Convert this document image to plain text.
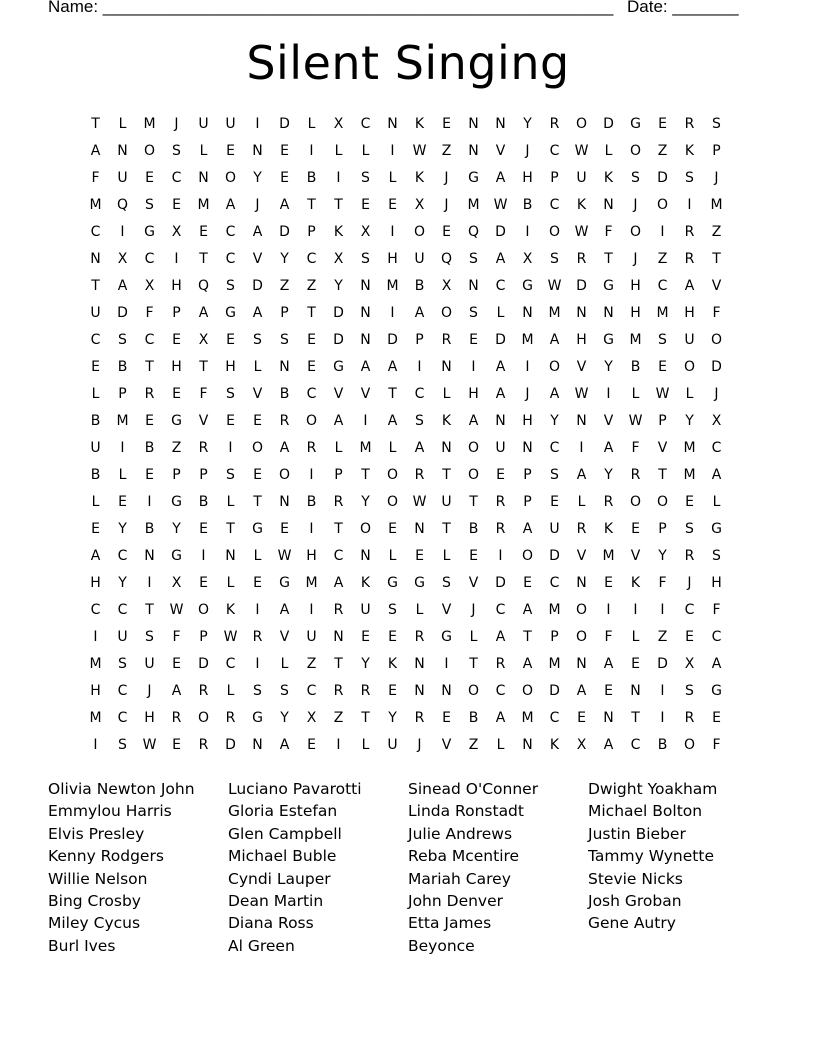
Name: ______________________________________________________ Date: _______
Silent Singing
T	L	M	J	U	U	I	D	L	X	C	N	K	E	N	N	Y	R	O	D	G	E	R	S
A	N	O	S	L	E	N	E	I	L	L	I	W	Z	N	V	J	C	W	L	O	Z	K	P
F	U	E	C	N	O	Y	E	B	I	S	L	K	J	G	A	H	P	U	K	S	D	S	J
M	Q	S	E	M	A	J	A	T	T	E	E	X	J	M	W	B	C	K	N	J	O	I	M
C	I	G	X	E	C	A	D	P	K	X	I	O	E	Q	D	I	O	W	F	O	I	R	Z
N	X	C	I	T	C	V	Y	C	X	S	H	U	Q	S	A	X	S	R	T	J	Z	R	T
T	A	X	H	Q	S	D	Z	Z	Y	N	M	B	X	N	C	G	W	D	G	H	C	A	V
U	D	F	P	A	G	A	P	T	D	N	I	A	O	S	L	N	M	N	N	H	M	H	F
C	S	C	E	X	E	S	S	E	D	N	D	P	R	E	D	M	A	H	G	M	S	U	O
E	B	T	H	T	H	L	N	E	G	A	A	I	N	I	A	I	O	V	Y	B	E	O	D
L	P	R	E	F	S	V	B	C	V	V	T	C	L	H	A	J	A	W	I	L	W	L	J
B	M	E	G	V	E	E	R	O	A	I	A	S	K	A	N	H	Y	N	V	W	P	Y	X
U	I	B	Z	R	I	O	A	R	L	M	L	A	N	O	U	N	C	I	A	F	V	M	C
B	L	E	P	P	S	E	O	I	P	T	O	R	T	O	E	P	S	A	Y	R	T	M	A
L	E	I	G	B	L	T	N	B	R	Y	O	W	U	T	R	P	E	L	R	O	O	E	L
E	Y	B	Y	E	T	G	E	I	T	O	E	N	T	B	R	A	U	R	K	E	P	S	G
A	C	N	G	I	N	L	W	H	C	N	L	E	L	E	I	O	D	V	M	V	Y	R	S
H	Y	I	X	E	L	E	G	M	A	K	G	G	S	V	D	E	C	N	E	K	F	J	H
C	C	T	W	O	K	I	A	I	R	U	S	L	V	J	C	A	M	O	I	I	I	C	F
I	U	S	F	P	W	R	V	U	N	E	E	R	G	L	A	T	P	O	F	L	Z	E	C
M	S	U	E	D	C	I	L	Z	T	Y	K	N	I	T	R	A	M	N	A	E	D	X	A
H	C	J	A	R	L	S	S	C	R	R	E	N	N	O	C	O	D	A	E	N	I	S	G
M	C	H	R	O	R	G	Y	X	Z	T	Y	R	E	B	A	M	C	E	N	T	I	R	E
I	S	W	E	R	D	N	A	E	I	L	U	J	V	Z	L	N	K	X	A	C	B	O	F
Olivia Newton John
Emmylou Harris
Elvis Presley
Kenny Rodgers
Willie Nelson
Bing Crosby
Miley Cycus
Burl Ives
Luciano Pavarotti
Gloria Estefan
Glen Campbell
Michael Buble
Cyndi Lauper
Dean Martin
Diana Ross
Al Green
Sinead O'Conner
Linda Ronstadt
Julie Andrews
Reba Mcentire
Mariah Carey
John Denver
Etta James
Beyonce
Dwight Yoakham
Michael Bolton
Justin Bieber
Tammy Wynette
Stevie Nicks
Josh Groban
Gene Autry
